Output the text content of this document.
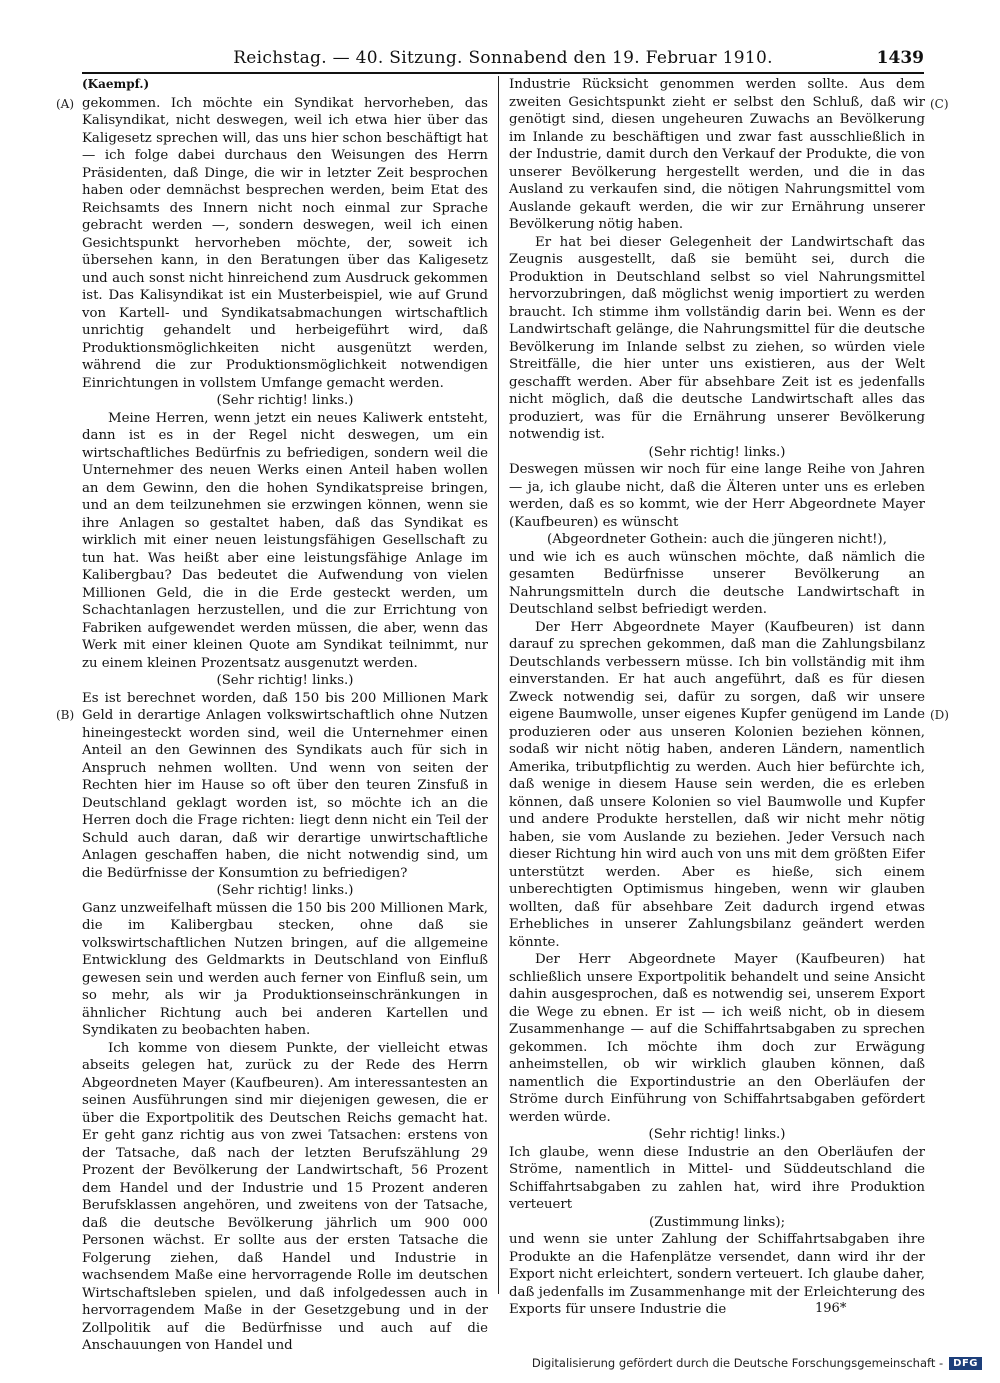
Reichstag. — 40. Sitzung. Sonnabend den 19. Februar 1910.	1439
(A)
(B)
(C)
(D)
(Kaempf.)

gekommen. Ich möchte ein Syndikat hervorheben, das Kalisyndikat, nicht deswegen, weil ich etwa hier über das Kaligesetz sprechen will, das uns hier schon beschäftigt hat — ich folge dabei durchaus den Weisungen des Herrn Präsidenten, daß Dinge, die wir in letzter Zeit besprochen haben oder demnächst besprechen werden, beim Etat des Reichsamts des Innern nicht noch einmal zur Sprache gebracht werden —, sondern deswegen, weil ich einen Gesichtspunkt hervorheben möchte, der, soweit ich übersehen kann, in den Beratungen über das Kaligesetz und auch sonst nicht hinreichend zum Ausdruck gekommen ist. Das Kalisyndikat ist ein Musterbeispiel, wie auf Grund von Kartell- und Syndikatsabmachungen wirtschaftlich unrichtig gehandelt und herbeigeführt wird, daß Produktionsmöglichkeiten nicht ausgenützt werden, während die zur Produktionsmöglichkeit notwendigen Einrichtungen in vollstem Umfange gemacht werden.

(Sehr richtig! links.)

Meine Herren, wenn jetzt ein neues Kaliwerk entsteht, dann ist es in der Regel nicht deswegen, um ein wirtschaftliches Bedürfnis zu befriedigen, sondern weil die Unternehmer des neuen Werks einen Anteil haben wollen an dem Gewinn, den die hohen Syndikatspreise bringen, und an dem teilzunehmen sie erzwingen können, wenn sie ihre Anlagen so gestaltet haben, daß das Syndikat es wirklich mit einer neuen leistungsfähigen Gesellschaft zu tun hat. Was heißt aber eine leistungsfähige Anlage im Kalibergbau? Das bedeutet die Aufwendung von vielen Millionen Geld, die in die Erde gesteckt werden, um Schachtanlagen herzustellen, und die zur Errichtung von Fabriken aufgewendet werden müssen, die aber, wenn das Werk mit einer kleinen Quote am Syndikat teilnimmt, nur zu einem kleinen Prozentsatz ausgenutzt werden.

(Sehr richtig! links.)

Es ist berechnet worden, daß 150 bis 200 Millionen Mark Geld in derartige Anlagen volkswirtschaftlich ohne Nutzen hineingesteckt worden sind, weil die Unternehmer einen Anteil an den Gewinnen des Syndikats auch für sich in Anspruch nehmen wollten. Und wenn von seiten der Rechten hier im Hause so oft über den teuren Zinsfuß in Deutschland geklagt worden ist, so möchte ich an die Herren doch die Frage richten: liegt denn nicht ein Teil der Schuld auch daran, daß wir derartige unwirtschaftliche Anlagen geschaffen haben, die nicht notwendig sind, um die Bedürfnisse der Konsumtion zu befriedigen?

(Sehr richtig! links.)

Ganz unzweifelhaft müssen die 150 bis 200 Millionen Mark, die im Kalibergbau stecken, ohne daß sie volkswirtschaftlichen Nutzen bringen, auf die allgemeine Entwicklung des Geldmarkts in Deutschland von Einfluß gewesen sein und werden auch ferner von Einfluß sein, um so mehr, als wir ja Produktionseinschränkungen in ähnlicher Richtung auch bei anderen Kartellen und Syndikaten zu beobachten haben.

Ich komme von diesem Punkte, der vielleicht etwas abseits gelegen hat, zurück zu der Rede des Herrn Abgeordneten Mayer (Kaufbeuren). Am interessantesten an seinen Ausführungen sind mir diejenigen gewesen, die er über die Exportpolitik des Deutschen Reichs gemacht hat. Er geht ganz richtig aus von zwei Tatsachen: erstens von der Tatsache, daß nach der letzten Berufszählung 29 Prozent der Bevölkerung der Landwirtschaft, 56 Prozent dem Handel und der Industrie und 15 Prozent anderen Berufsklassen angehören, und zweitens von der Tatsache, daß die deutsche Bevölkerung jährlich um 900 000 Personen wächst. Er sollte aus der ersten Tatsache die Folgerung ziehen, daß Handel und Industrie in wachsendem Maße eine hervorragende Rolle im deutschen Wirtschaftsleben spielen, und daß infolgedessen auch in hervorragendem Maße in der Gesetzgebung und in der Zollpolitik auf die Bedürfnisse und auch auf die Anschauungen von Handel und

Industrie Rücksicht genommen werden sollte. Aus dem zweiten Gesichtspunkt zieht er selbst den Schluß, daß wir genötigt sind, diesen ungeheuren Zuwachs an Bevölkerung im Inlande zu beschäftigen und zwar fast ausschließlich in der Industrie, damit durch den Verkauf der Produkte, die von unserer Bevölkerung hergestellt werden, und die in das Ausland zu verkaufen sind, die nötigen Nahrungsmittel vom Auslande gekauft werden, die wir zur Ernährung unserer Bevölkerung nötig haben.

Er hat bei dieser Gelegenheit der Landwirtschaft das Zeugnis ausgestellt, daß sie bemüht sei, durch die Produktion in Deutschland selbst so viel Nahrungsmittel hervorzubringen, daß möglichst wenig importiert zu werden braucht. Ich stimme ihm vollständig darin bei. Wenn es der Landwirtschaft gelänge, die Nahrungsmittel für die deutsche Bevölkerung im Inlande selbst zu ziehen, so würden viele Streitfälle, die hier unter uns existieren, aus der Welt geschafft werden. Aber für absehbare Zeit ist es jedenfalls nicht möglich, daß die deutsche Landwirtschaft alles das produziert, was für die Ernährung unserer Bevölkerung notwendig ist.

(Sehr richtig! links.)

Deswegen müssen wir noch für eine lange Reihe von Jahren — ja, ich glaube nicht, daß die Älteren unter uns es erleben werden, daß es so kommt, wie der Herr Abgeordnete Mayer (Kaufbeuren) es wünscht

(Abgeordneter Gothein: auch die jüngeren nicht!),

und wie ich es auch wünschen möchte, daß nämlich die gesamten Bedürfnisse unserer Bevölkerung an Nahrungsmitteln durch die deutsche Landwirtschaft in Deutschland selbst befriedigt werden.

Der Herr Abgeordnete Mayer (Kaufbeuren) ist dann darauf zu sprechen gekommen, daß man die Zahlungsbilanz Deutschlands verbessern müsse. Ich bin vollständig mit ihm einverstanden. Er hat auch angeführt, daß es für diesen Zweck notwendig sei, dafür zu sorgen, daß wir unsere eigene Baumwolle, unser eigenes Kupfer genügend im Lande produzieren oder aus unseren Kolonien beziehen können, sodaß wir nicht nötig haben, anderen Ländern, namentlich Amerika, tributpflichtig zu werden. Auch hier befürchte ich, daß wenige in diesem Hause sein werden, die es erleben können, daß unsere Kolonien so viel Baumwolle und Kupfer und andere Produkte herstellen, daß wir nicht mehr nötig haben, sie vom Auslande zu beziehen. Jeder Versuch nach dieser Richtung hin wird auch von uns mit dem größten Eifer unterstützt werden. Aber es hieße, sich einem unberechtigten Optimismus hingeben, wenn wir glauben wollten, daß für absehbare Zeit dadurch irgend etwas Erhebliches in unserer Zahlungsbilanz geändert werden könnte.

Der Herr Abgeordnete Mayer (Kaufbeuren) hat schließlich unsere Exportpolitik behandelt und seine Ansicht dahin ausgesprochen, daß es notwendig sei, unserem Export die Wege zu ebnen. Er ist — ich weiß nicht, ob in diesem Zusammenhange — auf die Schiffahrtsabgaben zu sprechen gekommen. Ich möchte ihm doch zur Erwägung anheimstellen, ob wir wirklich glauben können, daß namentlich die Exportindustrie an den Oberläufen der Ströme durch Einführung von Schiffahrtsabgaben gefördert werden würde.

(Sehr richtig! links.)

Ich glaube, wenn diese Industrie an den Oberläufen der Ströme, namentlich in Mittel- und Süddeutschland die Schiffahrtsabgaben zu zahlen hat, wird ihre Produktion verteuert

(Zustimmung links);

und wenn sie unter Zahlung der Schiffahrtsabgaben ihre Produkte an die Hafenplätze versendet, dann wird ihr der Export nicht erleichtert, sondern verteuert. Ich glaube daher, daß jedenfalls im Zusammenhange mit der Erleichterung des Exports für unsere Industrie die	196*
Digitalisierung gefördert durch die Deutsche Forschungsgemeinschaft -	DFG
